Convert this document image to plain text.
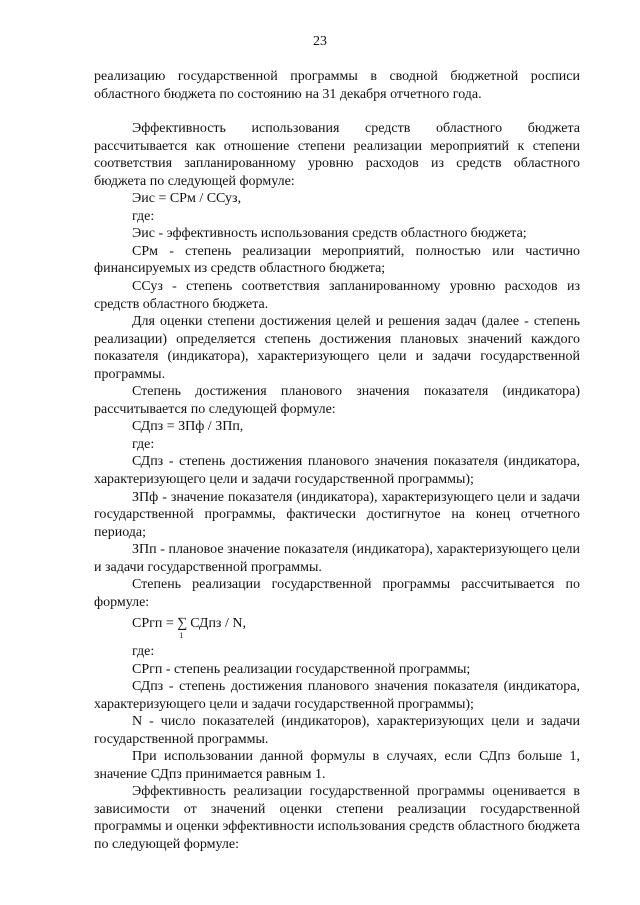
23

реализацию государственной программы в сводной бюджетной росписи областного бюджета по состоянию на 31 декабря отчетного года.

Эффективность использования средств областного бюджета рассчитывается как отношение степени реализации мероприятий к степени соответствия запланированному уровню расходов из средств областного бюджета по следующей формуле:

Эис = СРм / ССуз,

где:

Эис - эффективность использования средств областного бюджета;

СРм - степень реализации мероприятий, полностью или частично финансируемых из средств областного бюджета;

ССуз - степень соответствия запланированному уровню расходов из средств областного бюджета.

Для оценки степени достижения целей и решения задач (далее - степень реализации) определяется степень достижения плановых значений каждого показателя (индикатора), характеризующего цели и задачи государственной программы.

Степень достижения планового значения показателя (индикатора) рассчитывается по следующей формуле:

СДпз = ЗПф / ЗПп,

где:

СДпз - степень достижения планового значения показателя (индикатора, характеризующего цели и задачи государственной программы);

ЗПф - значение показателя (индикатора), характеризующего цели и задачи государственной программы, фактически достигнутое на конец отчетного периода;

ЗПп - плановое значение показателя (индикатора), характеризующего цели и задачи государственной программы.

Степень реализации государственной программы рассчитывается по формуле:

СРгп = ∑
1
СДпз / N,

где:

СРгп - степень реализации государственной программы;

СДпз - степень достижения планового значения показателя (индикатора, характеризующего цели и задачи государственной программы);

N - число показателей (индикаторов), характеризующих цели и задачи государственной программы.

При использовании данной формулы в случаях, если СДпз больше 1, значение СДпз принимается равным 1.

Эффективность реализации государственной программы оценивается в зависимости от значений оценки степени реализации государственной программы и оценки эффективности использования средств областного бюджета по следующей формуле:
